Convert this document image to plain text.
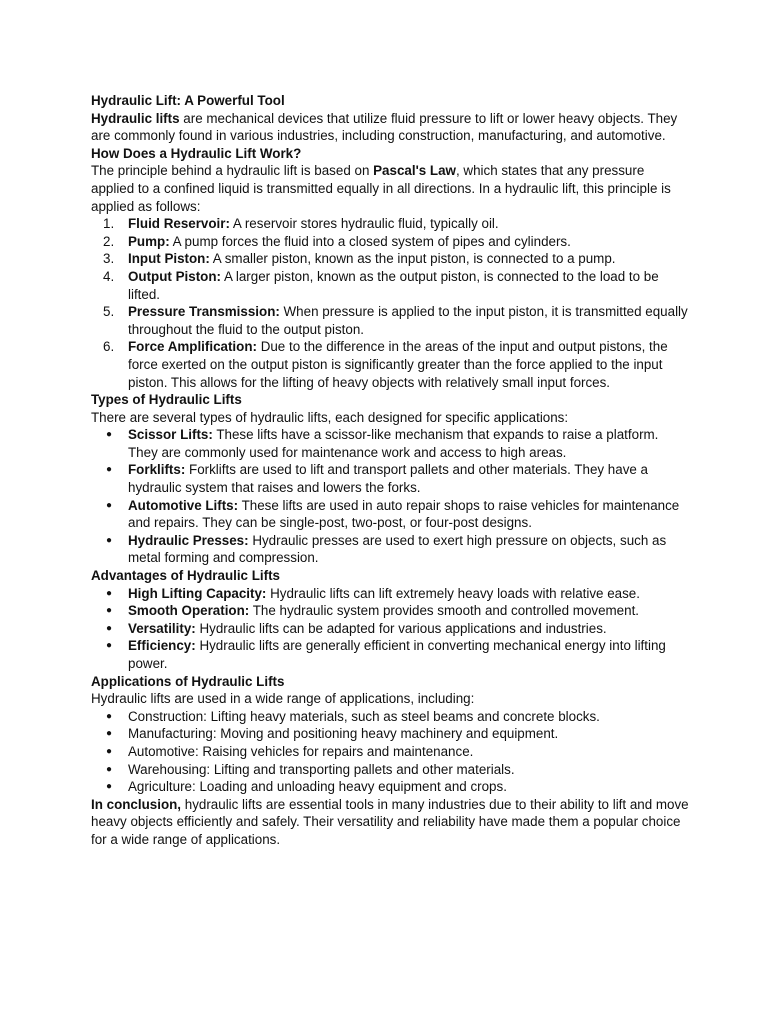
Hydraulic Lift: A Powerful Tool

Hydraulic lifts are mechanical devices that utilize fluid pressure to lift or lower heavy objects. They are commonly found in various industries, including construction, manufacturing, and automotive.

How Does a Hydraulic Lift Work?

The principle behind a hydraulic lift is based on Pascal's Law, which states that any pressure applied to a confined liquid is transmitted equally in all directions. In a hydraulic lift, this principle is applied as follows:

Fluid Reservoir: A reservoir stores hydraulic fluid, typically oil.
Pump: A pump forces the fluid into a closed system of pipes and cylinders.
Input Piston: A smaller piston, known as the input piston, is connected to a pump.
Output Piston: A larger piston, known as the output piston, is connected to the load to be lifted.
Pressure Transmission: When pressure is applied to the input piston, it is transmitted equally throughout the fluid to the output piston.
Force Amplification: Due to the difference in the areas of the input and output pistons, the force exerted on the output piston is significantly greater than the force applied to the input piston. This allows for the lifting of heavy objects with relatively small input forces.

Types of Hydraulic Lifts

There are several types of hydraulic lifts, each designed for specific applications:

● Scissor Lifts: These lifts have a scissor-like mechanism that expands to raise a platform. They are commonly used for maintenance work and access to high areas.
● Forklifts: Forklifts are used to lift and transport pallets and other materials. They have a hydraulic system that raises and lowers the forks.
● Automotive Lifts: These lifts are used in auto repair shops to raise vehicles for maintenance and repairs. They can be single-post, two-post, or four-post designs.
● Hydraulic Presses: Hydraulic presses are used to exert high pressure on objects, such as metal forming and compression.

Advantages of Hydraulic Lifts

● High Lifting Capacity: Hydraulic lifts can lift extremely heavy loads with relative ease.
● Smooth Operation: The hydraulic system provides smooth and controlled movement.
● Versatility: Hydraulic lifts can be adapted for various applications and industries.
● Efficiency: Hydraulic lifts are generally efficient in converting mechanical energy into lifting power.

Applications of Hydraulic Lifts

Hydraulic lifts are used in a wide range of applications, including:

● Construction: Lifting heavy materials, such as steel beams and concrete blocks.
● Manufacturing: Moving and positioning heavy machinery and equipment.
● Automotive: Raising vehicles for repairs and maintenance.
● Warehousing: Lifting and transporting pallets and other materials.
● Agriculture: Loading and unloading heavy equipment and crops.

In conclusion, hydraulic lifts are essential tools in many industries due to their ability to lift and move heavy objects efficiently and safely. Their versatility and reliability have made them a popular choice for a wide range of applications.
